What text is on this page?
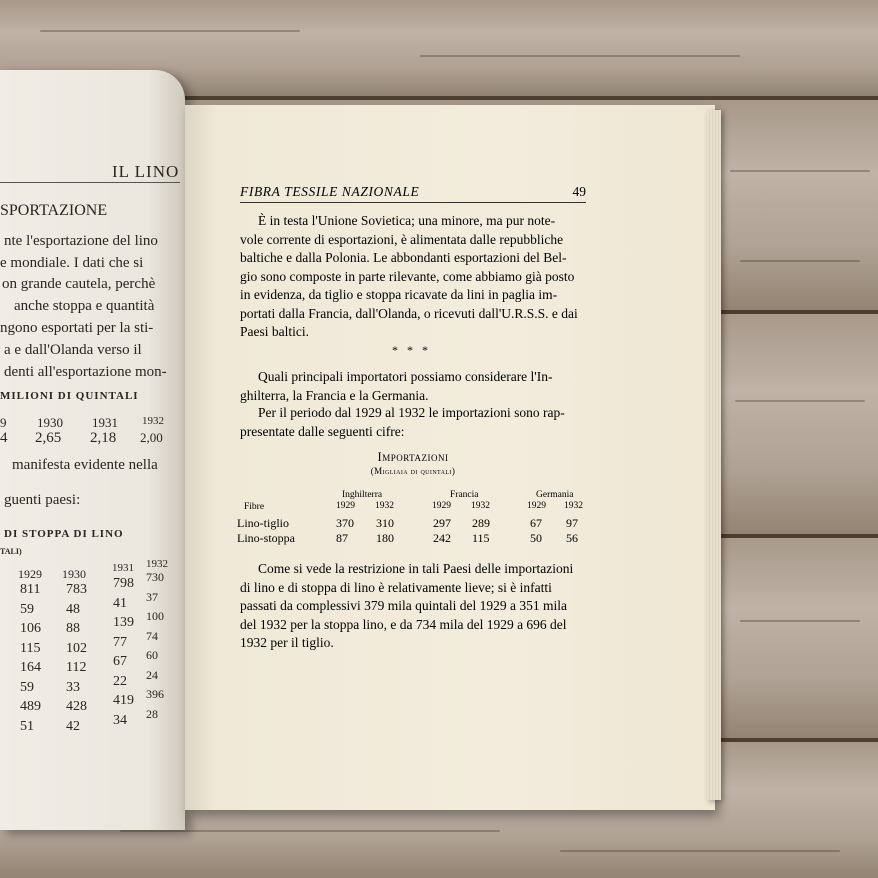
IL LINO
SPORTAZIONE
nte l'esportazione del lino
e mondiale. I dati che si
on grande cautela, perchè
anche stoppa e quantità
ngono esportati per la sti-
a e dall'Olanda verso il
denti all'esportazione mon-
MILIONI DI QUINTALI
9 1930 1931 1932
4 2,65 2,18 2,00
manifesta evidente nella
guenti paesi:
DI STOPPA DI LINO
TALI)
1929 1930 1931 1932
811 783 798 730
59 48 41 37
106 88 139 100
115 102 77 74
164 112 67 60
59 33 22 24
489 428 419 396
51 42 34 28
FIBRA TESSILE NAZIONALE	49
È in testa l'Unione Sovietica; una minore, ma pur note-
vole corrente di esportazioni, è alimentata dalle repubbliche
baltiche e dalla Polonia. Le abbondanti esportazioni del Bel-
gio sono composte in parte rilevante, come abbiamo già posto
in evidenza, da tiglio e stoppa ricavate da lini in paglia im-
portati dalla Francia, dall'Olanda, o ricevuti dall'U.R.S.S. e dai
Paesi baltici.
* * *
Quali principali importatori possiamo considerare l'In-
ghilterra, la Francia e la Germania.
Per il periodo dal 1929 al 1932 le importazioni sono rap-
presentate dalle seguenti cifre:
Importazioni
(Migliaia di quintali)
Inghilterra	Francia	Germania
Fibre	1929 1932	1929 1932	1929 1932
Lino-tiglio	370 310	297 289	67 97
Lino-stoppa	87 180	242 115	50 56
Come si vede la restrizione in tali Paesi delle importazioni
di lino e di stoppa di lino è relativamente lieve; si è infatti
passati da complessivi 379 mila quintali del 1929 a 351 mila
del 1932 per la stoppa lino, e da 734 mila del 1929 a 696 del
1932 per il tiglio.
